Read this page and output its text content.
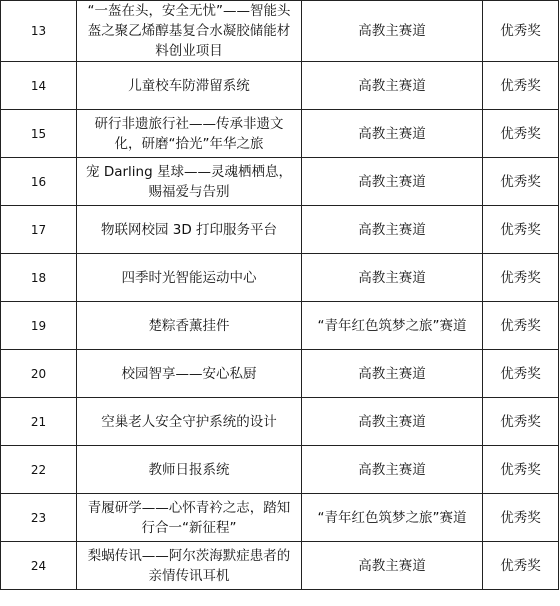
13	“一盔在头，安全无忧”——智能头盔之聚乙烯醇基复合水凝胶储能材料创业项目	高教主赛道	优秀奖
14	儿童校车防滞留系统	高教主赛道	优秀奖
15	研行非遗旅行社——传承非遗文化，研磨“拾光”年华之旅	高教主赛道	优秀奖
16	宠 Darling 星球——灵魂栖栖息，赐福爱与告别	高教主赛道	优秀奖
17	物联网校园 3D 打印服务平台	高教主赛道	优秀奖
18	四季时光智能运动中心	高教主赛道	优秀奖
19	楚粽香薰挂件	“青年红色筑梦之旅”赛道	优秀奖
20	校园智享——安心私厨	高教主赛道	优秀奖
21	空巢老人安全守护系统的设计	高教主赛道	优秀奖
22	教师日报系统	高教主赛道	优秀奖
23	青履研学——心怀青衿之志，踏知行合一“新征程”	“青年红色筑梦之旅”赛道	优秀奖
24	梨蜗传讯——阿尔茨海默症患者的亲情传讯耳机	高教主赛道	优秀奖
